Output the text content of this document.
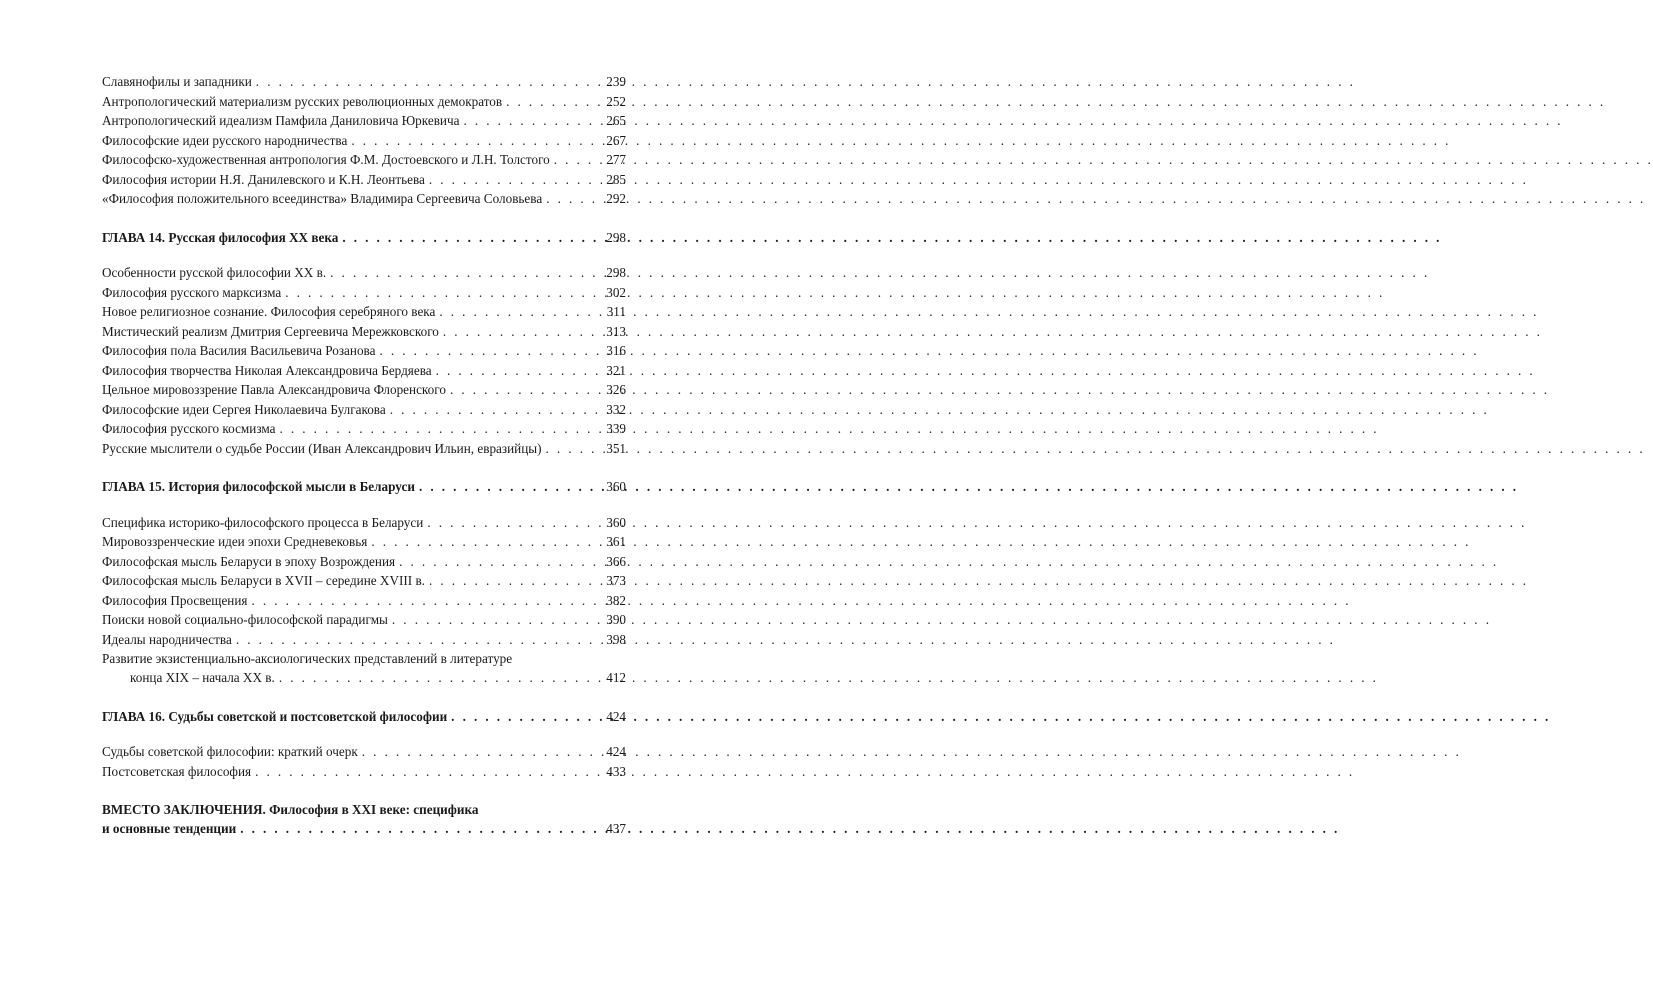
Славянофилы и западники . . .	239
Антропологический материализм русских революционных демократов . . .	252
Антропологический идеализм Памфила Даниловича Юркевича . . .	265
Философские идеи русского народничества . . .	267
Философско-художественная антропология Ф.М. Достоевского и Л.Н. Толстого . . .	277
Философия истории Н.Я. Данилевского и К.Н. Леонтьева . . .	285
«Философия положительного всеединства» Владимира Сергеевича Соловьева . . .	292
ГЛАВА 14. Русская философия XX века . . .	298
Особенности русской философии XX в. . . .	298
Философия русского марксизма . . .	302
Новое религиозное сознание. Философия серебряного века . . .	311
Мистический реализм Дмитрия Сергеевича Мережковского . . .	313
Философия пола Василия Васильевича Розанова . . .	316
Философия творчества Николая Александровича Бердяева . . .	321
Цельное мировоззрение Павла Александровича Флоренского . . .	326
Философские идеи Сергея Николаевича Булгакова . . .	332
Философия русского космизма . . .	339
Русские мыслители о судьбе России (Иван Александрович Ильин, евразийцы) . . .	351
ГЛАВА 15. История философской мысли в Беларуси . . .	360
Специфика историко-философского процесса в Беларуси . . .	360
Мировоззренческие идеи эпохи Средневековья . . .	361
Философская мысль Беларуси в эпоху Возрождения . . .	366
Философская мысль Беларуси в XVII – середине XVIII в. . . .	373
Философия Просвещения . . .	382
Поиски новой социально-философской парадигмы . . .	390
Идеалы народничества . . .	398
Развитие экзистенциально-аксиологических представлений в литературе
конца XIX – начала XX в. . . .	412
ГЛАВА 16. Судьбы советской и постсоветской философии . . .	424
Судьбы советской философии: краткий очерк . . .	424
Постсоветская философия . . .	433
ВМЕСТО ЗАКЛЮЧЕНИЯ. Философия в XXI веке: специфика
и основные тенденции . . .	437
